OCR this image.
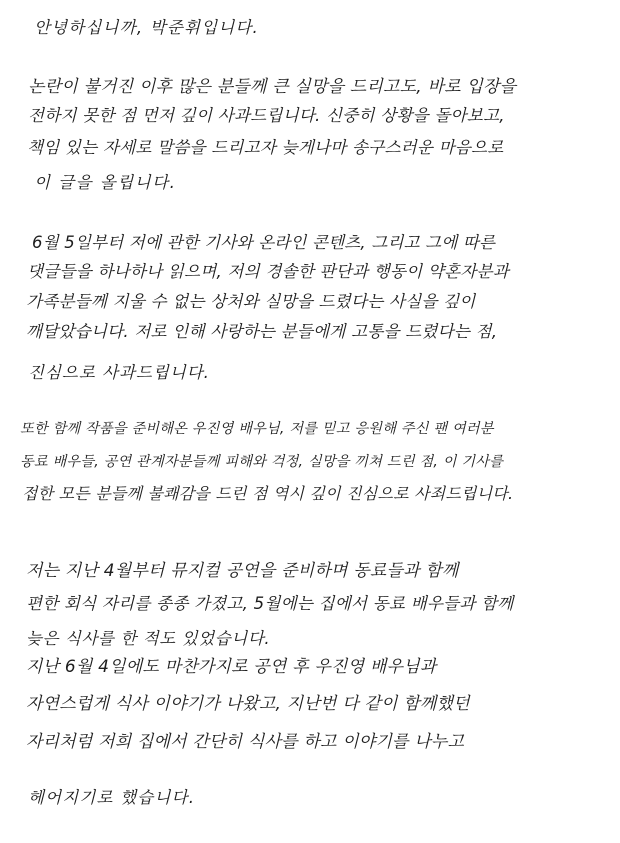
안녕하십니까, 박준휘입니다.
논란이 불거진 이후 많은 분들께 큰 실망을 드리고도, 바로 입장을
전하지 못한 점 먼저 깊이 사과드립니다. 신중히 상황을 돌아보고,
책임 있는 자세로 말씀을 드리고자 늦게나마 송구스러운 마음으로
이 글을 올립니다.
6월 5일부터 저에 관한 기사와 온라인 콘텐츠, 그리고 그에 따른
댓글들을 하나하나 읽으며, 저의 경솔한 판단과 행동이 약혼자분과
가족분들께 지울 수 없는 상처와 실망을 드렸다는 사실을 깊이
깨달았습니다. 저로 인해 사랑하는 분들에게 고통을 드렸다는 점,
진심으로 사과드립니다.
또한 함께 작품을 준비해온 우진영 배우님, 저를 믿고 응원해 주신 팬 여러분
동료 배우들, 공연 관계자분들께 피해와 걱정, 실망을 끼쳐 드린 점, 이 기사를
접한 모든 분들께 불쾌감을 드린 점 역시 깊이 진심으로 사죄드립니다.
저는 지난 4월부터 뮤지컬 공연을 준비하며 동료들과 함께
편한 회식 자리를 종종 가졌고, 5월에는 집에서 동료 배우들과 함께
늦은 식사를 한 적도 있었습니다.
지난 6월 4일에도 마찬가지로 공연 후 우진영 배우님과
자연스럽게 식사 이야기가 나왔고, 지난번 다 같이 함께했던
자리처럼 저희 집에서 간단히 식사를 하고 이야기를 나누고
헤어지기로 했습니다.
